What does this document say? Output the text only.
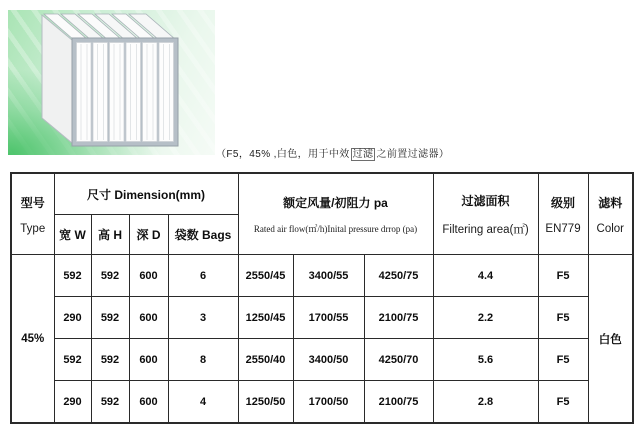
（F5，45% ,白色，用于中效 过滤 之前置过滤器）
型号
Type

尺寸 Dimension(mm)

额定风量/初阻力 pa
Rated air flow(㎥/h)Inital pressure drrop (pa)

过滤面积
Filtering area(㎡)

级别
EN779

滤料
Color

	宽 W	高 H	深 D	袋数 Bags						
45%	592	592	600	6	2550/45	3400/55	4250/75	4.4	F5	白色
	290	592	600	3	1250/45	1700/55	2100/75	2.2	F5	
	592	592	600	8	2550/40	3400/50	4250/70	5.6	F5	
	290	592	600	4	1250/50	1700/50	2100/75	2.8	F5	
